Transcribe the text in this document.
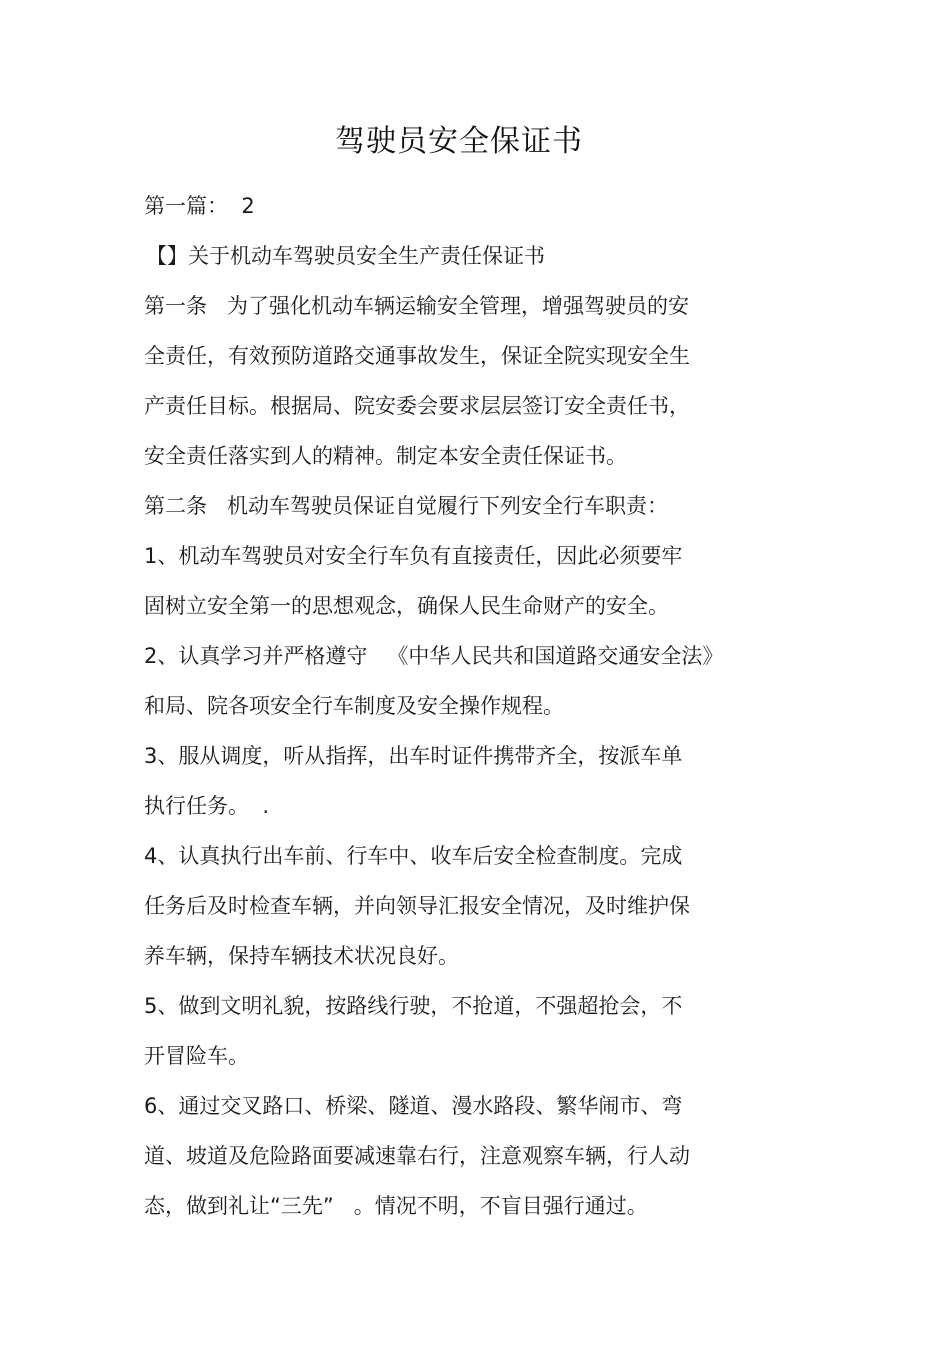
驾驶员安全保证书
第一篇：  2
【】关于机动车驾驶员安全生产责任保证书
第一条   为了强化机动车辆运输安全管理，增强驾驶员的安
全责任，有效预防道路交通事故发生，保证全院实现安全生
产责任目标。根据局、院安委会要求层层签订安全责任书，
安全责任落实到人的精神。制定本安全责任保证书。
第二条   机动车驾驶员保证自觉履行下列安全行车职责：
1、机动车驾驶员对安全行车负有直接责任，因此必须要牢
固树立安全第一的思想观念，确保人民生命财产的安全。
2、认真学习并严格遵守   《中华人民共和国道路交通安全法》
和局、院各项安全行车制度及安全操作规程。
3、服从调度，听从指挥，出车时证件携带齐全，按派车单
执行任务。  .
4、认真执行出车前、行车中、收车后安全检查制度。完成
任务后及时检查车辆，并向领导汇报安全情况，及时维护保
养车辆，保持车辆技术状况良好。
5、做到文明礼貌，按路线行驶，不抢道，不强超抢会，不
开冒险车。
6、通过交叉路口、桥梁、隧道、漫水路段、繁华闹市、弯
道、坡道及危险路面要减速靠右行，注意观察车辆，行人动
态，做到礼让“三先”   。情况不明，不盲目强行通过。
